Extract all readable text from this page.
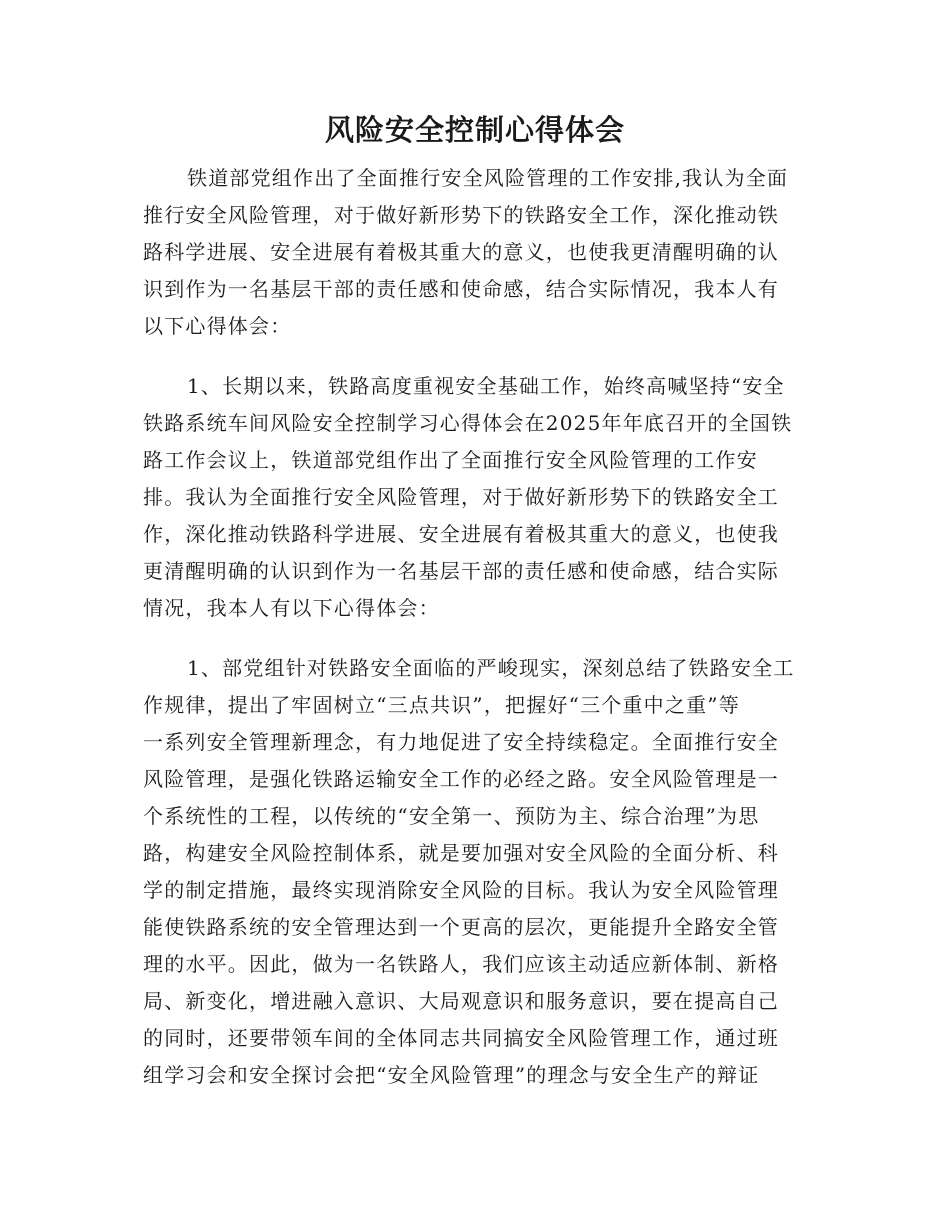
风险安全控制心得体会

铁道部党组作出了全面推行安全风险管理的工作安排,我认为全面
推行安全风险管理，对于做好新形势下的铁路安全工作，深化推动铁
路科学进展、安全进展有着极其重大的意义，也使我更清醒明确的认
识到作为一名基层干部的责任感和使命感，结合实际情况，我本人有
以下心得体会：

1、长期以来，铁路高度重视安全基础工作，始终高喊坚持“安全
铁路系统车间风险安全控制学习心得体会在2025年年底召开的全国铁
路工作会议上，铁道部党组作出了全面推行安全风险管理的工作安
排。我认为全面推行安全风险管理，对于做好新形势下的铁路安全工
作，深化推动铁路科学进展、安全进展有着极其重大的意义，也使我
更清醒明确的认识到作为一名基层干部的责任感和使命感，结合实际
情况，我本人有以下心得体会：

1、部党组针对铁路安全面临的严峻现实，深刻总结了铁路安全工
作规律，提出了牢固树立“三点共识”，把握好“三个重中之重”等
一系列安全管理新理念，有力地促进了安全持续稳定。全面推行安全
风险管理，是强化铁路运输安全工作的必经之路。安全风险管理是一
个系统性的工程，以传统的“安全第一、预防为主、综合治理”为思
路，构建安全风险控制体系，就是要加强对安全风险的全面分析、科
学的制定措施，最终实现消除安全风险的目标。我认为安全风险管理
能使铁路系统的安全管理达到一个更高的层次，更能提升全路安全管
理的水平。因此，做为一名铁路人，我们应该主动适应新体制、新格
局、新变化，增进融入意识、大局观意识和服务意识，要在提高自己
的同时，还要带领车间的全体同志共同搞安全风险管理工作，通过班
组学习会和安全探讨会把“安全风险管理”的理念与安全生产的辩证
